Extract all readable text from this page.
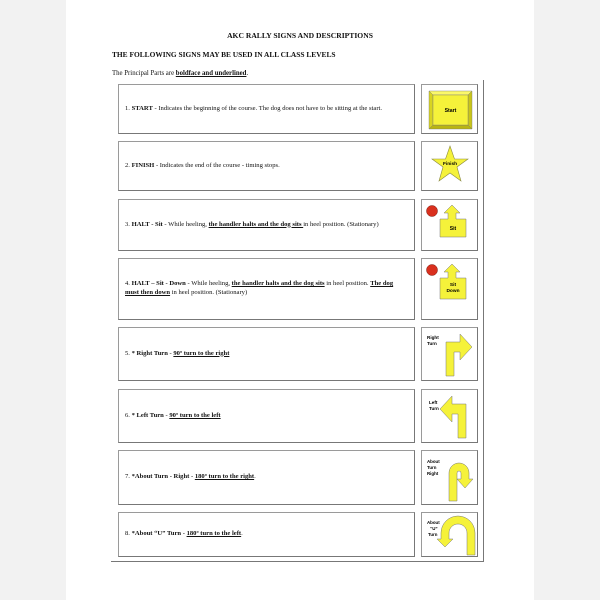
AKC RALLY SIGNS AND DESCRIPTIONS
THE FOLLOWING SIGNS MAY BE USED IN ALL CLASS LEVELS
The Principal Parts are boldface and underlined.
1. START - Indicates the beginning of the course. The dog does not have to be sitting at the start.	Start
2. FINISH - Indicates the end of the course - timing stops.	Finish
3. HALT - Sit - While heeling, the handler halts and the dog sits in heel position. (Stationary)
Sit
4. HALT – Sit - Down - While heeling, the handler halts and the dog sits in heel position. The dog must then down in heel position. (Stationary)
Sit
Down
5. * Right Turn - 90º turn to the right
Right
Turn
6. * Left Turn - 90º turn to the left
Left
Turn
7. *About Turn - Right - 180º turn to the right.
About
Turn
Right
8. *About “U” Turn - 180º turn to the left.
About
“U”
Turn
